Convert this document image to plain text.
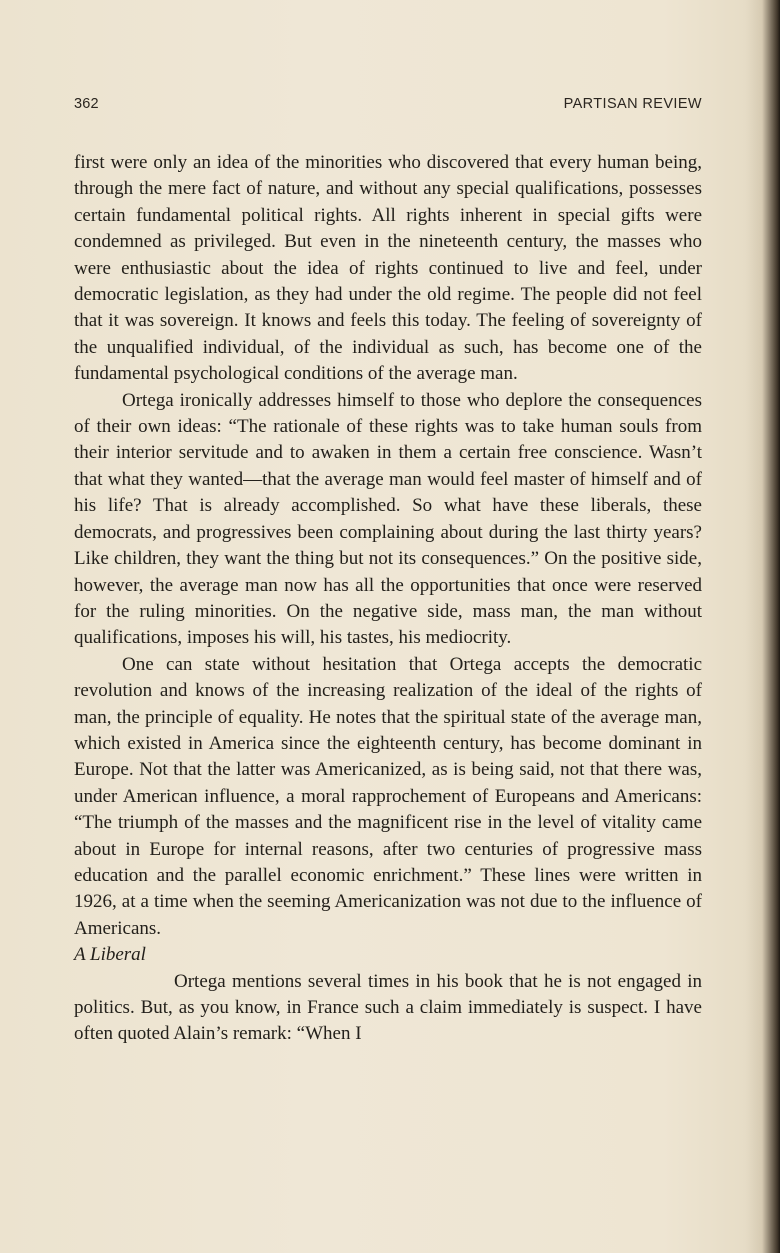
362	PARTISAN REVIEW

first were only an idea of the minorities who discovered that every human being, through the mere fact of nature, and without any special qualifications, possesses certain fundamental political rights. All rights inherent in special gifts were condemned as privileged. But even in the nineteenth century, the masses who were enthusiastic about the idea of rights continued to live and feel, under democratic legislation, as they had under the old regime. The people did not feel that it was sovereign. It knows and feels this today. The feeling of sovereignty of the unqualified individual, of the individual as such, has become one of the fundamental psychological conditions of the average man.

Ortega ironically addresses himself to those who deplore the consequences of their own ideas: “The rationale of these rights was to take human souls from their interior servitude and to awaken in them a certain free conscience. Wasn’t that what they wanted—that the average man would feel master of himself and of his life? That is already accomplished. So what have these liberals, these democrats, and progressives been complaining about during the last thirty years? Like children, they want the thing but not its consequences.” On the positive side, however, the average man now has all the opportunities that once were reserved for the ruling minorities. On the negative side, mass man, the man without qualifications, imposes his will, his tastes, his mediocrity.

One can state without hesitation that Ortega accepts the democratic revolution and knows of the increasing realization of the ideal of the rights of man, the principle of equality. He notes that the spiritual state of the average man, which existed in America since the eighteenth century, has become dominant in Europe. Not that the latter was Americanized, as is being said, not that there was, under American influence, a moral rapprochement of Europeans and Americans: “The triumph of the masses and the magnificent rise in the level of vitality came about in Europe for internal reasons, after two centuries of progressive mass education and the parallel economic enrichment.” These lines were written in 1926, at a time when the seeming Americanization was not due to the influence of Americans.

A Liberal

Ortega mentions several times in his book that he is not engaged in politics. But, as you know, in France such a claim immediately is suspect. I have often quoted Alain’s remark: “When I
